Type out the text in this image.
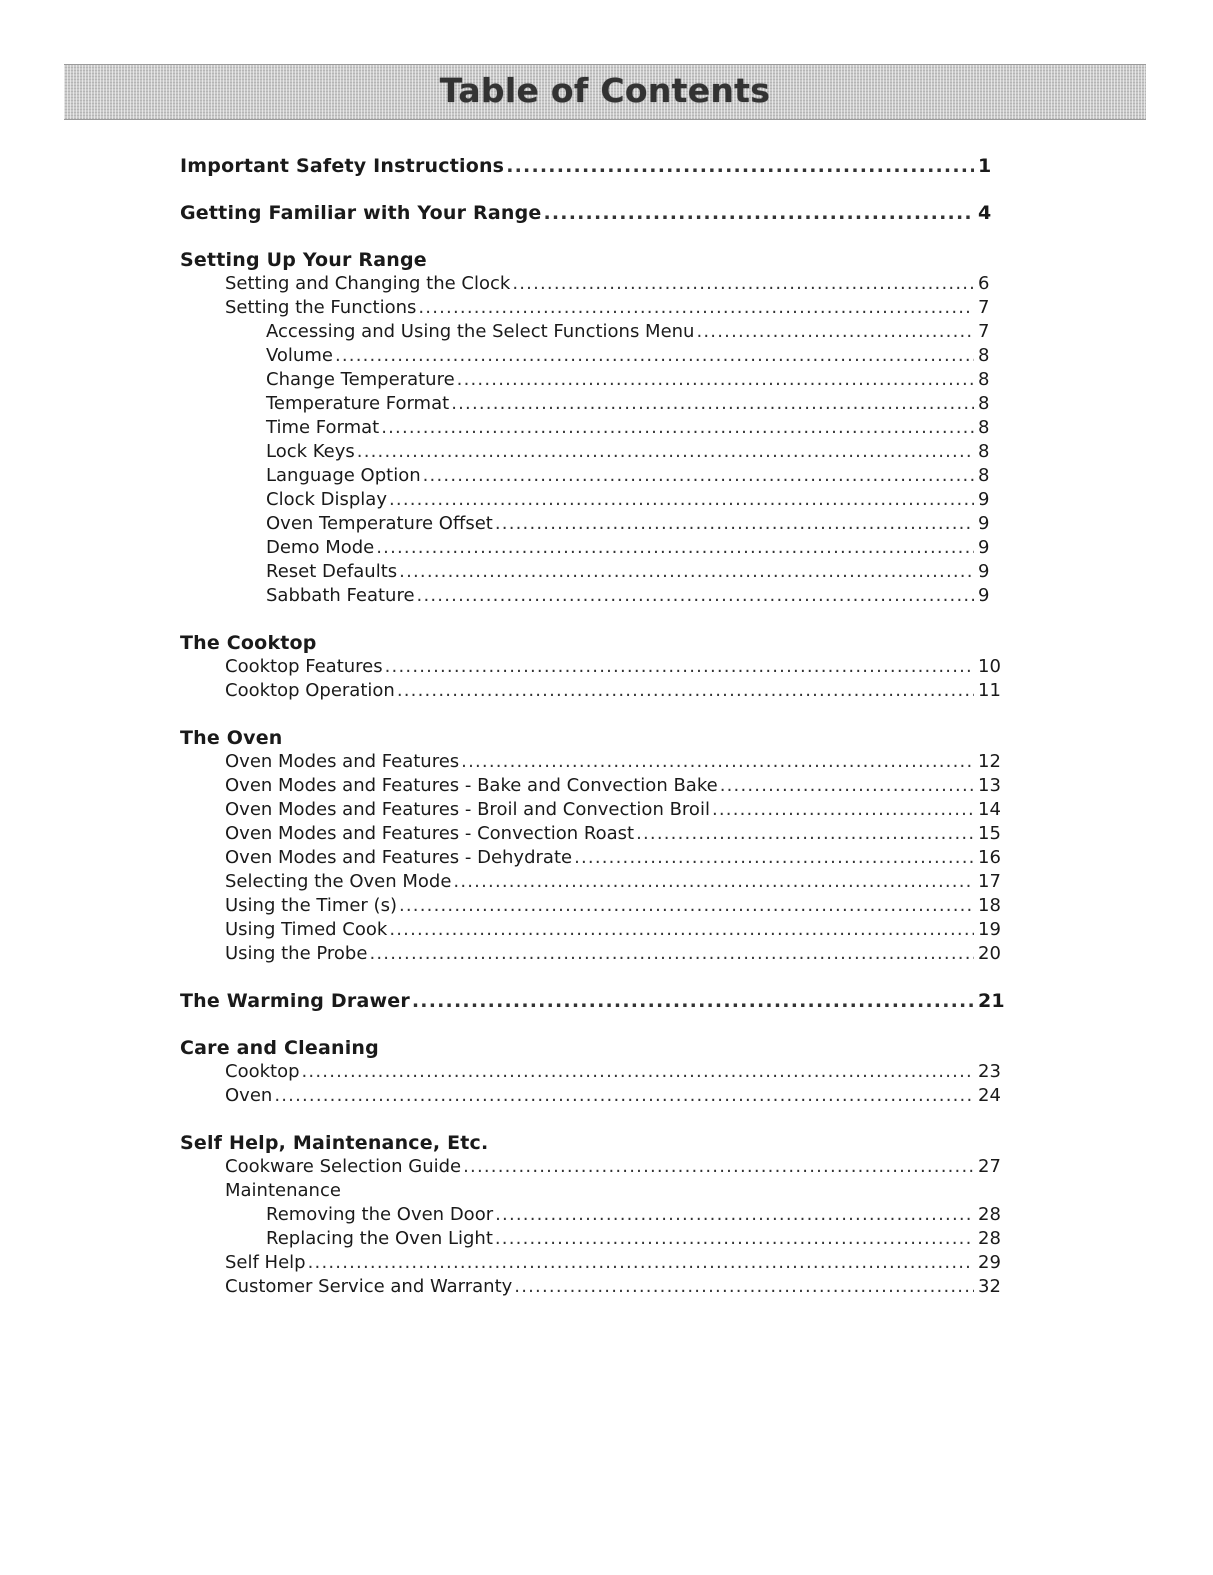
Table of Contents
Important Safety Instructions .....	1
Getting Familiar with Your Range .....	4
Setting Up Your Range
Setting and Changing the Clock .....	6
Setting the Functions .....	7
Accessing and Using the Select Functions Menu .....	7
Volume .....	8
Change Temperature .....	8
Temperature Format .....	8
Time Format .....	8
Lock Keys .....	8
Language Option .....	8
Clock Display .....	9
Oven Temperature Offset .....	9
Demo Mode .....	9
Reset Defaults .....	9
Sabbath Feature .....	9
The Cooktop
Cooktop Features .....	10
Cooktop Operation .....	11
The Oven
Oven Modes and Features .....	12
Oven Modes and Features - Bake and Convection Bake .....	13
Oven Modes and Features - Broil and Convection Broil .....	14
Oven Modes and Features - Convection Roast .....	15
Oven Modes and Features - Dehydrate .....	16
Selecting the Oven Mode .....	17
Using the Timer (s) .....	18
Using Timed Cook .....	19
Using the Probe .....	20
The Warming Drawer .....	21
Care and Cleaning
Cooktop .....	23
Oven .....	24
Self Help, Maintenance, Etc.
Cookware Selection Guide .....	27
Maintenance
Removing the Oven Door .....	28
Replacing the Oven Light .....	28
Self Help .....	29
Customer Service and Warranty .....	32
